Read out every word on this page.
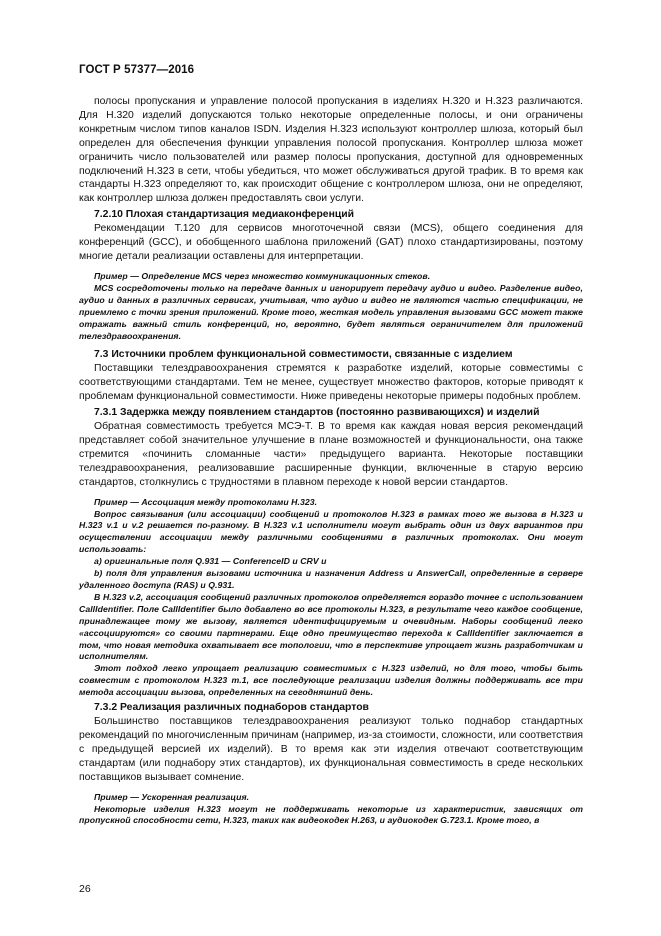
ГОСТ Р 57377—2016

полосы пропускания и управление полосой пропускания в изделиях H.320 и H.323 различаются. Для H.320 изделий допускаются только некоторые определенные полосы, и они ограничены конкретным числом типов каналов ISDN. Изделия H.323 используют контроллер шлюза, который был определен для обеспечения функции управления полосой пропускания. Контроллер шлюза может ограничить число пользователей или размер полосы пропускания, доступной для одновременных подключений H.323 в сети, чтобы убедиться, что может обслуживаться другой трафик. В то время как стандарты H.323 определяют то, как происходит общение с контроллером шлюза, они не определяют, как контроллер шлюза должен предоставлять свои услуги.

7.2.10 Плохая стандартизация медиаконференций

Рекомендации T.120 для сервисов многоточечной связи (MCS), общего соединения для конференций (GCC), и обобщенного шаблона приложений (GAT) плохо стандартизированы, поэтому многие детали реализации оставлены для интерпретации.

Пример — Определение MCS через множество коммуникационных стеков.

MCS сосредоточены только на передаче данных и игнорирует передачу аудио и видео. Разделение видео, аудио и данных в различных сервисах, учитывая, что аудио и видео не являются частью спецификации, не приемлемо с точки зрения приложений. Кроме того, жесткая модель управления вызовами GCC может также отражать важный стиль конференций, но, вероятно, будет являться ограничителем для приложений телездравоохранения.

7.3 Источники проблем функциональной совместимости, связанные с изделием

Поставщики телездравоохранения стремятся к разработке изделий, которые совместимы с соответствующими стандартами. Тем не менее, существует множество факторов, которые приводят к проблемам функциональной совместимости. Ниже приведены некоторые примеры подобных проблем.

7.3.1 Задержка между появлением стандартов (постоянно развивающихся) и изделий

Обратная совместимость требуется МСЭ-Т. В то время как каждая новая версия рекомендаций представляет собой значительное улучшение в плане возможностей и функциональности, она также стремится «починить сломанные части» предыдущего варианта. Некоторые поставщики телездравоохранения, реализовавшие расширенные функции, включенные в старую версию стандартов, столкнулись с трудностями в плавном переходе к новой версии стандартов.

Пример — Ассоциация между протоколами H.323.

Вопрос связывания (или ассоциации) сообщений и протоколов H.323 в рамках того же вызова в H.323 и H.323 v.1 и v.2 решается по-разному. В H.323 v.1 исполнители могут выбрать один из двух вариантов при осуществлении ассоциации между различными сообщениями в различных протоколах. Они могут использовать:

a) оригинальные поля Q.931 — ConferenceID и CRV и

b) поля для управления вызовами источника и назначения Address и AnswerCall, определенные в сервере удаленного доступа (RAS) и Q.931.

В H.323 v.2, ассоциация сообщений различных протоколов определяется гораздо точнее с использованием CallIdentifier. Поле CallIdentifier было добавлено во все протоколы H.323, в результате чего каждое сообщение, принадлежащее тому же вызову, является идентифицируемым и очевидным. Наборы сообщений легко «ассоциируются» со своими партнерами. Еще одно преимущество перехода к CallIdentifier заключается в том, что новая методика охватывает все топологии, что в перспективе упрощает жизнь разработчикам и исполнителям.

Этот подход легко упрощает реализацию совместимых с H.323 изделий, но для того, чтобы быть совместим с протоколом H.323 m.1, все последующие реализации изделия должны поддерживать все три метода ассоциации вызова, определенных на сегодняшний день.

7.3.2 Реализация различных поднаборов стандартов

Большинство поставщиков телездравоохранения реализуют только поднабор стандартных рекомендаций по многочисленным причинам (например, из-за стоимости, сложности, или соответствия с предыдущей версией их изделий). В то время как эти изделия отвечают соответствующим стандартам (или поднабору этих стандартов), их функциональная совместимость в среде нескольких поставщиков вызывает сомнение.

Пример — Ускоренная реализация.

Некоторые изделия H.323 могут не поддерживать некоторые из характеристик, зависящих от пропускной способности сети, H.323, таких как видеокодек H.263, и аудиокодек G.723.1. Кроме того, в

26
